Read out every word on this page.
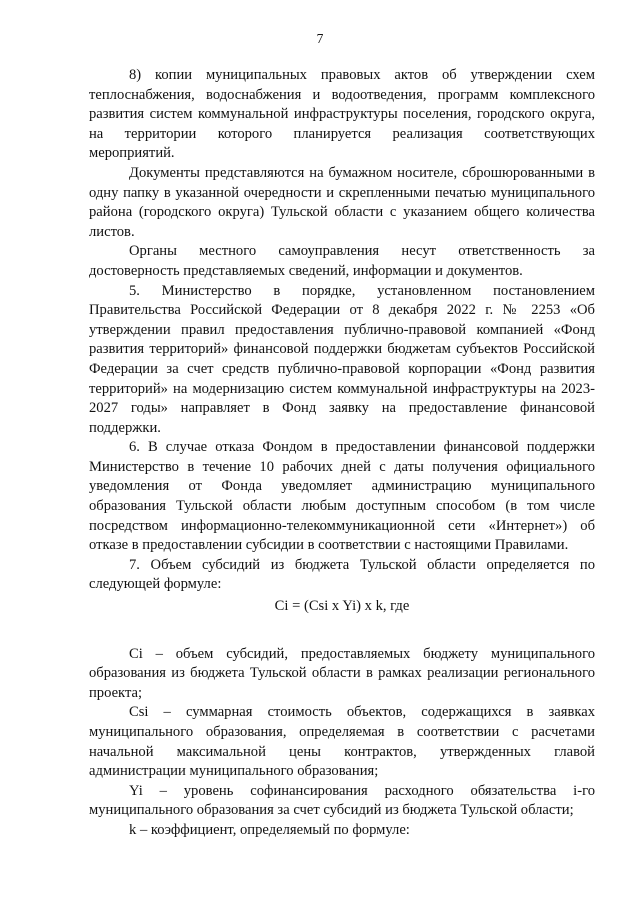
7

8) копии муниципальных правовых актов об утверждении схем теплоснабжения, водоснабжения и водоотведения, программ комплексного развития систем коммунальной инфраструктуры поселения, городского округа, на территории которого планируется реализация соответствующих мероприятий.

Документы представляются на бумажном носителе, сброшюрованными в одну папку в указанной очередности и скрепленными печатью муниципального района (городского округа) Тульской области с указанием общего количества листов.

Органы местного самоуправления несут ответственность за достоверность представляемых сведений, информации и документов.

5. Министерство в порядке, установленном постановлением Правительства Российской Федерации от 8 декабря 2022 г. № 2253 «Об утверждении правил предоставления публично-правовой компанией «Фонд развития территорий» финансовой поддержки бюджетам субъектов Российской Федерации за счет средств публично-правовой корпорации «Фонд развития территорий» на модернизацию систем коммунальной инфраструктуры на 2023-2027 годы» направляет в Фонд заявку на предоставление финансовой поддержки.

6. В случае отказа Фондом в предоставлении финансовой поддержки Министерство в течение 10 рабочих дней с даты получения официального уведомления от Фонда уведомляет администрацию муниципального образования Тульской области любым доступным способом (в том числе посредством информационно-телекоммуникационной сети «Интернет») об отказе в предоставлении субсидии в соответствии с настоящими Правилами.

7. Объем субсидий из бюджета Тульской области определяется по следующей формуле:

Ci = (Csi x Yi) x k, где

Ci – объем субсидий, предоставляемых бюджету муниципального образования из бюджета Тульской области в рамках реализации регионального проекта;

Csi – суммарная стоимость объектов, содержащихся в заявках муниципального образования, определяемая в соответствии с расчетами начальной максимальной цены контрактов, утвержденных главой администрации муниципального образования;

Yi – уровень софинансирования расходного обязательства i-го муниципального образования за счет субсидий из бюджета Тульской области;

k – коэффициент, определяемый по формуле:
